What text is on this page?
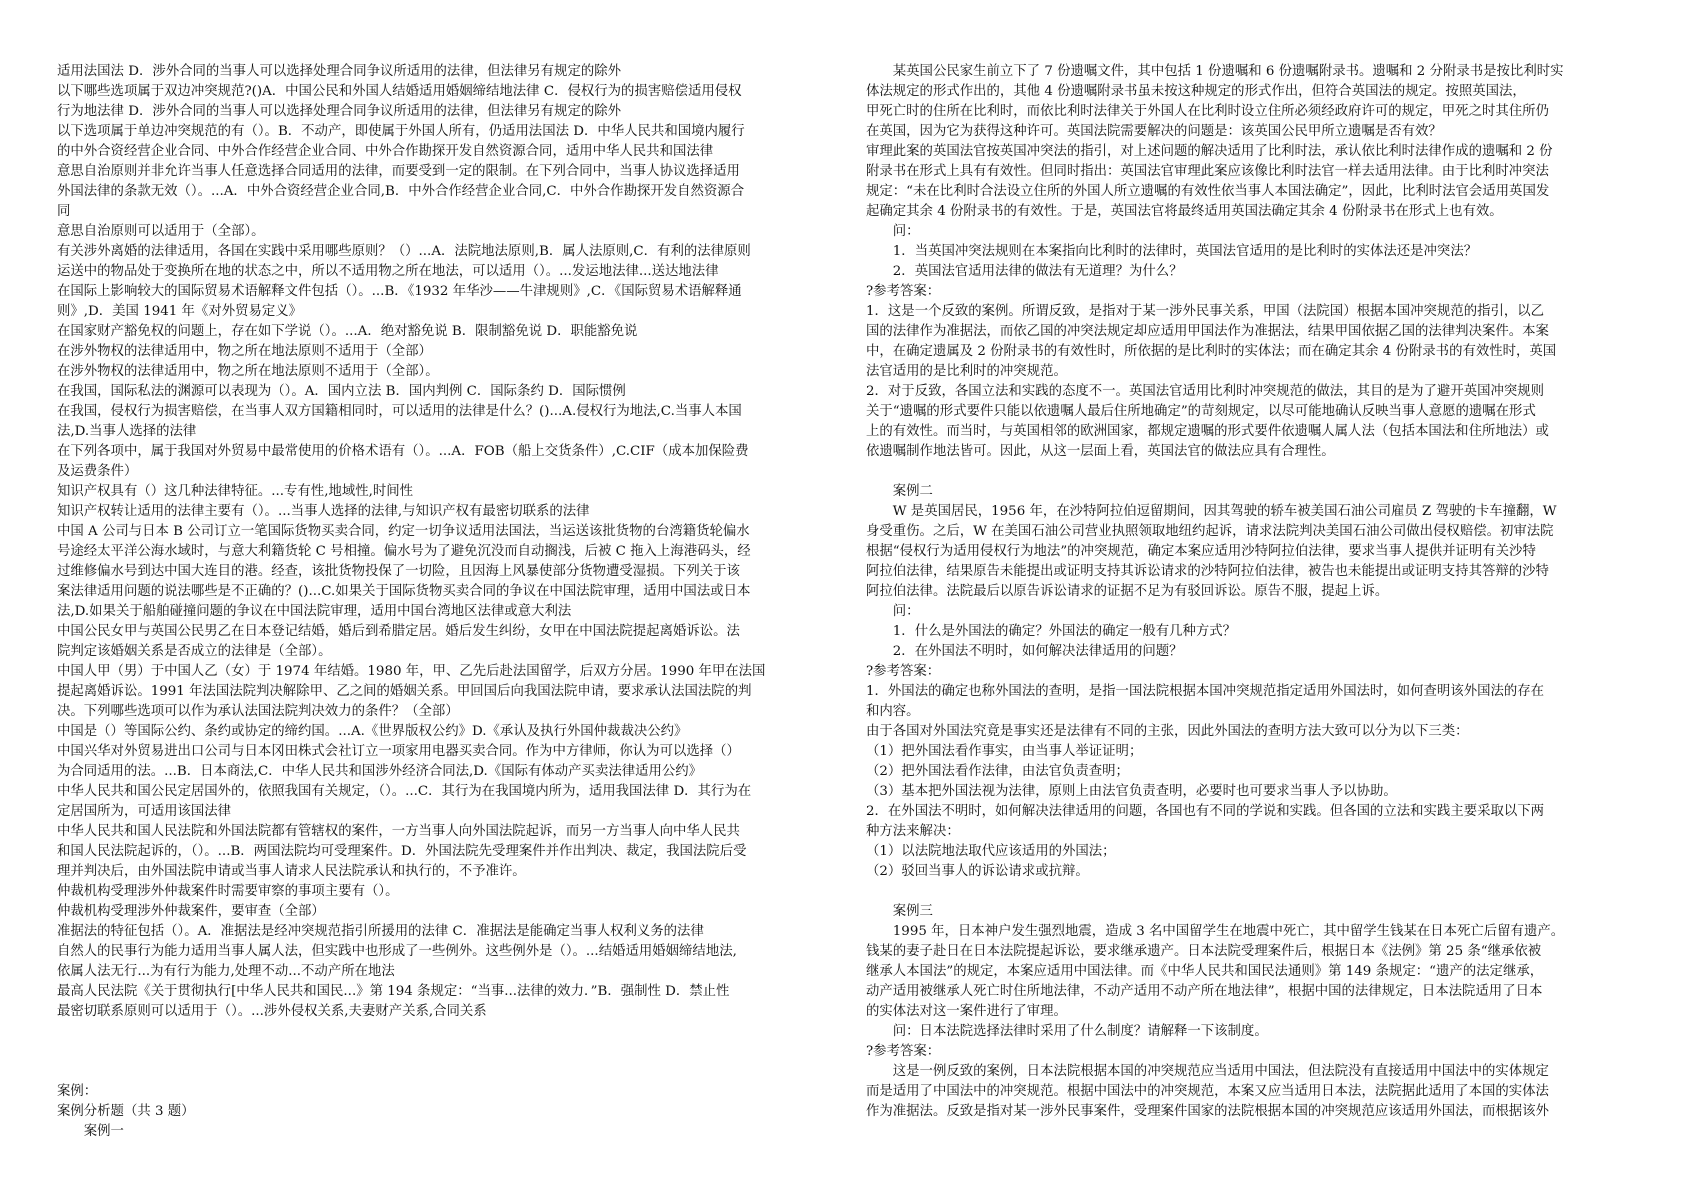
适用法国法 D．涉外合同的当事人可以选择处理合同争议所适用的法律，但法律另有规定的除外
以下哪些选项属于双边冲突规范?()A．中国公民和外国人结婚适用婚姻缔结地法律 C．侵权行为的损害赔偿适用侵权
行为地法律 D．涉外合同的当事人可以选择处理合同争议所适用的法律，但法律另有规定的除外
以下选项属于单边冲突规范的有（）。B．不动产，即使属于外国人所有，仍适用法国法 D．中华人民共和国境内履行
的中外合资经营企业合同、中外合作经营企业合同、中外合作勘探开发自然资源合同，适用中华人民共和国法律
意思自治原则并非允许当事人任意选择合同适用的法律，而要受到一定的限制。在下列合同中，当事人协议选择适用
外国法律的条款无效（）。...A．中外合资经营企业合同,B．中外合作经营企业合同,C．中外合作勘探开发自然资源合
同
意思自治原则可以适用于（全部）。
有关涉外离婚的法律适用，各国在实践中采用哪些原则？（）...A．法院地法原则,B．属人法原则,C．有利的法律原则
运送中的物品处于变换所在地的状态之中，所以不适用物之所在地法，可以适用（）。...发运地法律...送达地法律
在国际上影响较大的国际贸易术语解释文件包括（）。...B．《1932 年华沙——牛津规则》,C．《国际贸易术语解释通
则》,D．美国 1941 年《对外贸易定义》
在国家财产豁免权的问题上，存在如下学说（）。...A．绝对豁免说 B．限制豁免说 D．职能豁免说
在涉外物权的法律适用中，物之所在地法原则不适用于（全部）
在涉外物权的法律适用中，物之所在地法原则不适用于（全部）。
在我国，国际私法的渊源可以表现为（）。A．国内立法 B．国内判例 C．国际条约 D．国际惯例
在我国，侵权行为损害赔偿，在当事人双方国籍相同时，可以适用的法律是什么？()...A.侵权行为地法,C.当事人本国
法,D.当事人选择的法律
在下列各项中，属于我国对外贸易中最常使用的价格术语有（）。...A．FOB（船上交货条件）,C.CIF（成本加保险费
及运费条件）
知识产权具有（）这几种法律特征。...专有性,地域性,时间性
知识产权转让适用的法律主要有（）。...当事人选择的法律,与知识产权有最密切联系的法律
中国 A 公司与日本 B 公司订立一笔国际货物买卖合同，约定一切争议适用法国法，当运送该批货物的台湾籍货轮偏水
号途经太平洋公海水域时，与意大利籍货轮 C 号相撞。偏水号为了避免沉没而自动搁浅，后被 C 拖入上海港码头，经
过维修偏水号到达中国大连目的港。经查，该批货物投保了一切险，且因海上风暴使部分货物遭受湿损。下列关于该
案法律适用问题的说法哪些是不正确的？()...C.如果关于国际货物买卖合同的争议在中国法院审理，适用中国法或日本
法,D.如果关于船舶碰撞问题的争议在中国法院审理，适用中国台湾地区法律或意大利法
中国公民女甲与英国公民男乙在日本登记结婚，婚后到希腊定居。婚后发生纠纷，女甲在中国法院提起离婚诉讼。法
院判定该婚姻关系是否成立的法律是（全部）。
中国人甲（男）于中国人乙（女）于 1974 年结婚。1980 年，甲、乙先后赴法国留学，后双方分居。1990 年甲在法国
提起离婚诉讼。1991 年法国法院判决解除甲、乙之间的婚姻关系。甲回国后向我国法院申请，要求承认法国法院的判
决。下列哪些选项可以作为承认法国法院判决效力的条件？（全部）
中国是（）等国际公约、条约或协定的缔约国。...A.《世界版权公约》D.《承认及执行外国仲裁裁决公约》
中国兴华对外贸易进出口公司与日本冈田株式会社订立一项家用电器买卖合同。作为中方律师，你认为可以选择（）
为合同适用的法。...B．日本商法,C．中华人民共和国涉外经济合同法,D.《国际有体动产买卖法律适用公约》
中华人民共和国公民定居国外的，依照我国有关规定，（）。...C．其行为在我国境内所为，适用我国法律 D．其行为在
定居国所为，可适用该国法律
中华人民共和国人民法院和外国法院都有管辖权的案件，一方当事人向外国法院起诉，而另一方当事人向中华人民共
和国人民法院起诉的，（）。...B．两国法院均可受理案件。D．外国法院先受理案件并作出判决、裁定，我国法院后受
理并判决后，由外国法院申请或当事人请求人民法院承认和执行的，不予准许。
仲裁机构受理涉外仲裁案件时需要审察的事项主要有（）。
仲裁机构受理涉外仲裁案件，要审查（全部）
准据法的特征包括（）。A．准据法是经冲突规范指引所援用的法律 C．准据法是能确定当事人权利义务的法律
自然人的民事行为能力适用当事人属人法，但实践中也形成了一些例外。这些例外是（）。...结婚适用婚姻缔结地法,
依属人法无行...为有行为能力,处理不动...不动产所在地法
最高人民法院《关于贯彻执行[中华人民共和国民...》第 194 条规定：“当事...法律的效力．”B．强制性 D．禁止性
最密切联系原则可以适用于（）。...涉外侵权关系,夫妻财产关系,合同关系
案例：
案例分析题（共 3 题）
　　案例一
　　某英国公民家生前立下了 7 份遗嘱文件，其中包括 1 份遗嘱和 6 份遗嘱附录书。遗嘱和 2 分附录书是按比利时实
体法规定的形式作出的，其他 4 份遗嘱附录书虽未按这种规定的形式作出，但符合英国法的规定。按照英国法，
甲死亡时的住所在比利时，而依比利时法律关于外国人在比利时设立住所必须经政府许可的规定，甲死之时其住所仍
在英国，因为它为获得这种许可。英国法院需要解决的问题是：该英国公民甲所立遗嘱是否有效？
审理此案的英国法官按英国冲突法的指引，对上述问题的解决适用了比利时法，承认依比利时法律作成的遗嘱和 2 份
附录书在形式上具有有效性。但同时指出：英国法官审理此案应该像比利时法官一样去适用法律。由于比利时冲突法
规定：“未在比利时合法设立住所的外国人所立遗嘱的有效性依当事人本国法确定”，因此，比利时法官会适用英国发
起确定其余 4 份附录书的有效性。于是，英国法官将最终适用英国法确定其余 4 份附录书在形式上也有效。
　　问：
　　1．当英国冲突法规则在本案指向比利时的法律时，英国法官适用的是比利时的实体法还是冲突法？
　　2．英国法官适用法律的做法有无道理？为什么？
?参考答案：
1．这是一个反致的案例。所谓反致，是指对于某一涉外民事关系，甲国（法院国）根据本国冲突规范的指引，以乙
国的法律作为准据法，而依乙国的冲突法规定却应适用甲国法作为准据法，结果甲国依据乙国的法律判决案件。本案
中，在确定遗属及 2 份附录书的有效性时，所依据的是比利时的实体法；而在确定其余 4 份附录书的有效性时，英国
法官适用的是比利时的冲突规范。
2．对于反致，各国立法和实践的态度不一。英国法官适用比利时冲突规范的做法，其目的是为了避开英国冲突规则
关于“遗嘱的形式要件只能以依遗嘱人最后住所地确定”的苛刻规定，以尽可能地确认反映当事人意愿的遗嘱在形式
上的有效性。而当时，与英国相邻的欧洲国家，都规定遗嘱的形式要件依遗嘱人属人法（包括本国法和住所地法）或
依遗嘱制作地法皆可。因此，从这一层面上看，英国法官的做法应具有合理性。
　　案例二
　　W 是英国居民，1956 年，在沙特阿拉伯逗留期间，因其驾驶的轿车被美国石油公司雇员 Z 驾驶的卡车撞翻，W
身受重伤。之后，W 在美国石油公司营业执照领取地纽约起诉，请求法院判决美国石油公司做出侵权赔偿。初审法院
根据“侵权行为适用侵权行为地法”的冲突规范，确定本案应适用沙特阿拉伯法律，要求当事人提供并证明有关沙特
阿拉伯法律，结果原告未能提出或证明支持其诉讼请求的沙特阿拉伯法律，被告也未能提出或证明支持其答辩的沙特
阿拉伯法律。法院最后以原告诉讼请求的证据不足为有驳回诉讼。原告不服，提起上诉。
　　问：
　　1．什么是外国法的确定？外国法的确定一般有几种方式？
　　2．在外国法不明时，如何解决法律适用的问题？
?参考答案：
1．外国法的确定也称外国法的查明，是指一国法院根据本国冲突规范指定适用外国法时，如何查明该外国法的存在
和内容。
由于各国对外国法究竟是事实还是法律有不同的主张，因此外国法的查明方法大致可以分为以下三类：
（1）把外国法看作事实，由当事人举证证明；
（2）把外国法看作法律，由法官负责查明；
（3）基本把外国法视为法律，原则上由法官负责查明，必要时也可要求当事人予以协助。
2．在外国法不明时，如何解决法律适用的问题，各国也有不同的学说和实践。但各国的立法和实践主要采取以下两
种方法来解决：
（1）以法院地法取代应该适用的外国法；
（2）驳回当事人的诉讼请求或抗辩。
　　案例三
　　1995 年，日本神户发生强烈地震，造成 3 名中国留学生在地震中死亡，其中留学生钱某在日本死亡后留有遗产。
钱某的妻子赴日在日本法院提起诉讼，要求继承遗产。日本法院受理案件后，根据日本《法例》第 25 条“继承依被
继承人本国法”的规定，本案应适用中国法律。而《中华人民共和国民法通则》第 149 条规定：“遗产的法定继承，
动产适用被继承人死亡时住所地法律，不动产适用不动产所在地法律”，根据中国的法律规定，日本法院适用了日本
的实体法对这一案件进行了审理。
　　问：日本法院选择法律时采用了什么制度？请解释一下该制度。
?参考答案：
　　这是一例反致的案例，日本法院根据本国的冲突规范应当适用中国法，但法院没有直接适用中国法中的实体规定
而是适用了中国法中的冲突规范。根据中国法中的冲突规范，本案又应当适用日本法，法院据此适用了本国的实体法
作为准据法。反致是指对某一涉外民事案件，受理案件国家的法院根据本国的冲突规范应该适用外国法，而根据该外
